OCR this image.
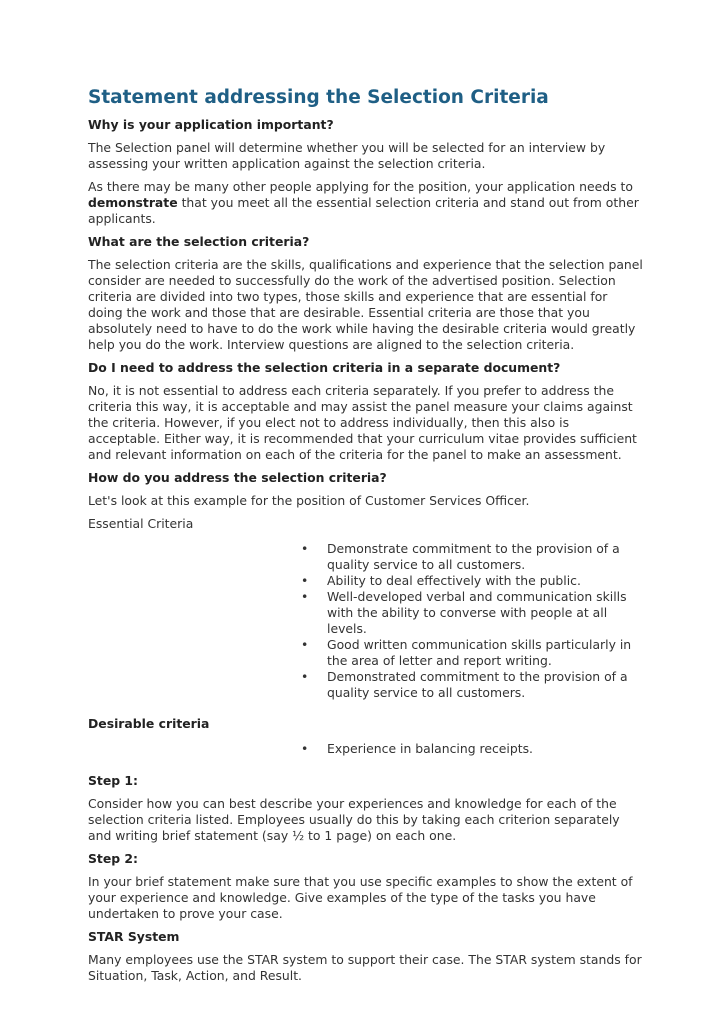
Statement addressing the Selection Criteria
Why is your application important?

The Selection panel will determine whether you will be selected for an interview by assessing your written application against the selection criteria.

As there may be many other people applying for the position, your application needs to demonstrate that you meet all the essential selection criteria and stand out from other applicants.

What are the selection criteria?

The selection criteria are the skills, qualifications and experience that the selection panel consider are needed to successfully do the work of the advertised position. Selection criteria are divided into two types, those skills and experience that are essential for doing the work and those that are desirable. Essential criteria are those that you absolutely need to have to do the work while having the desirable criteria would greatly help you do the work. Interview questions are aligned to the selection criteria.

Do I need to address the selection criteria in a separate document?

No, it is not essential to address each criteria separately. If you prefer to address the criteria this way, it is acceptable and may assist the panel measure your claims against the criteria. However, if you elect not to address individually, then this also is acceptable. Either way, it is recommended that your curriculum vitae provides sufficient and relevant information on each of the criteria for the panel to make an assessment.

How do you address the selection criteria?

Let's look at this example for the position of Customer Services Officer.

Essential Criteria

• Demonstrate commitment to the provision of a quality service to all customers.
• Ability to deal effectively with the public.
• Well-developed verbal and communication skills with the ability to converse with people at all levels.
• Good written communication skills particularly in the area of letter and report writing.
• Demonstrated commitment to the provision of a quality service to all customers.
Desirable criteria
• Experience in balancing receipts.
Step 1:

Consider how you can best describe your experiences and knowledge for each of the selection criteria listed. Employees usually do this by taking each criterion separately and writing brief statement (say ½ to 1 page) on each one.

Step 2:

In your brief statement make sure that you use specific examples to show the extent of your experience and knowledge. Give examples of the type of the tasks you have undertaken to prove your case.

STAR System

Many employees use the STAR system to support their case. The STAR system stands for Situation, Task, Action, and Result.
